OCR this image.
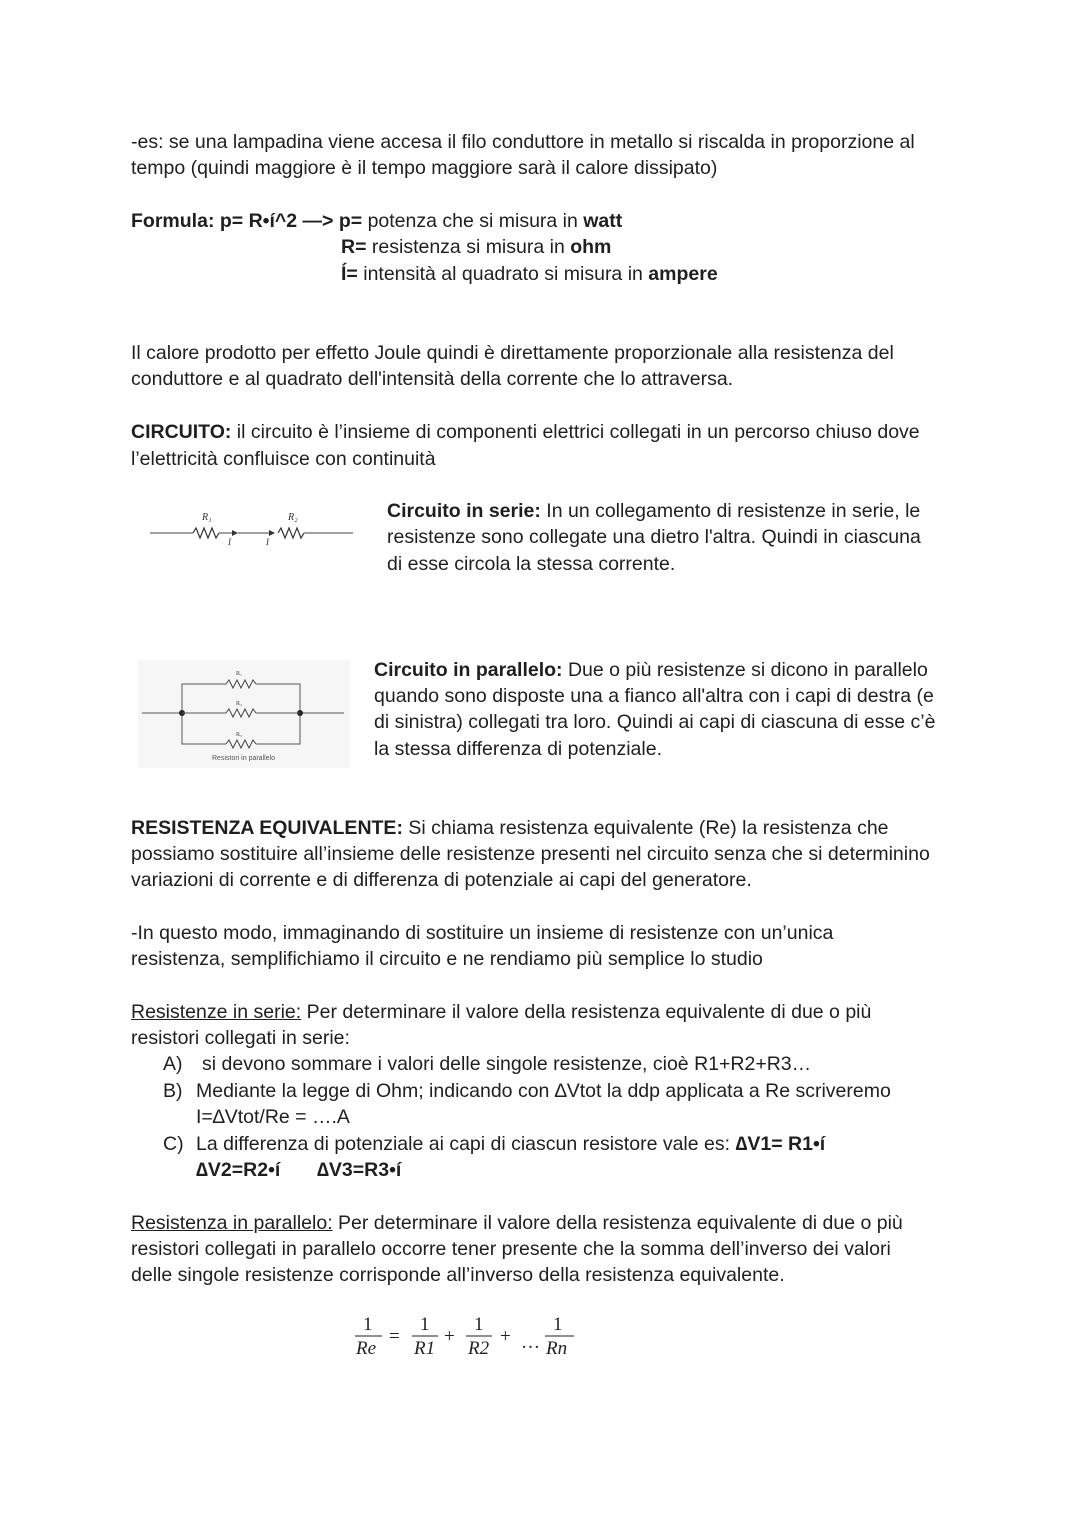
-es: se una lampadina viene accesa il filo conduttore in metallo si riscalda in proporzione al
tempo (quindi maggiore è il tempo maggiore sarà il calore dissipato)
Formula: p= R•í^2 —> p= potenza che si misura in watt
R= resistenza si misura in ohm
Í= intensità al quadrato si misura in ampere
Il calore prodotto per effetto Joule quindi è direttamente proporzionale alla resistenza del
conduttore e al quadrato dell'intensità della corrente che lo attraversa.
CIRCUITO: il circuito è l’insieme di componenti elettrici collegati in un percorso chiuso dove
l’elettricità confluisce con continuità
R₁	R₂
I	I
Circuito in serie: In un collegamento di resistenze in serie, le
resistenze sono collegate una dietro l'altra. Quindi in ciascuna
di esse circola la stessa corrente.
R₁
R₂
R₃
Resistori in parallelo
Circuito in parallelo: Due o più resistenze si dicono in parallelo
quando sono disposte una a fianco all'altra con i capi di destra (e
di sinistra) collegati tra loro. Quindi ai capi di ciascuna di esse c’è
la stessa differenza di potenziale.
RESISTENZA EQUIVALENTE: Si chiama resistenza equivalente (Re) la resistenza che
possiamo sostituire all’insieme delle resistenze presenti nel circuito senza che si determinino
variazioni di corrente e di differenza di potenziale ai capi del generatore.
-In questo modo, immaginando di sostituire un insieme di resistenze con un’unica
resistenza, semplifichiamo il circuito e ne rendiamo più semplice lo studio
Resistenze in serie: Per determinare il valore della resistenza equivalente di due o più
resistori collegati in serie:
A) si devono sommare i valori delle singole resistenze, cioè R1+R2+R3…
B) Mediante la legge di Ohm; indicando con ∆Vtot la ddp applicata a Re scriveremo
I=∆Vtot/Re = ….A
C) La differenza di potenziale ai capi di ciascun resistore vale es: ∆V1= R1•í
∆V2=R2•í ∆V3=R3•í
Resistenza in parallelo: Per determinare il valore della resistenza equivalente di due o più
resistori collegati in parallelo occorre tener presente che la somma dell’inverso dei valori
delle singole resistenze corrisponde all’inverso della resistenza equivalente.
1
Re
=
1
R1
+
1
R2
+ …
1
Rn
